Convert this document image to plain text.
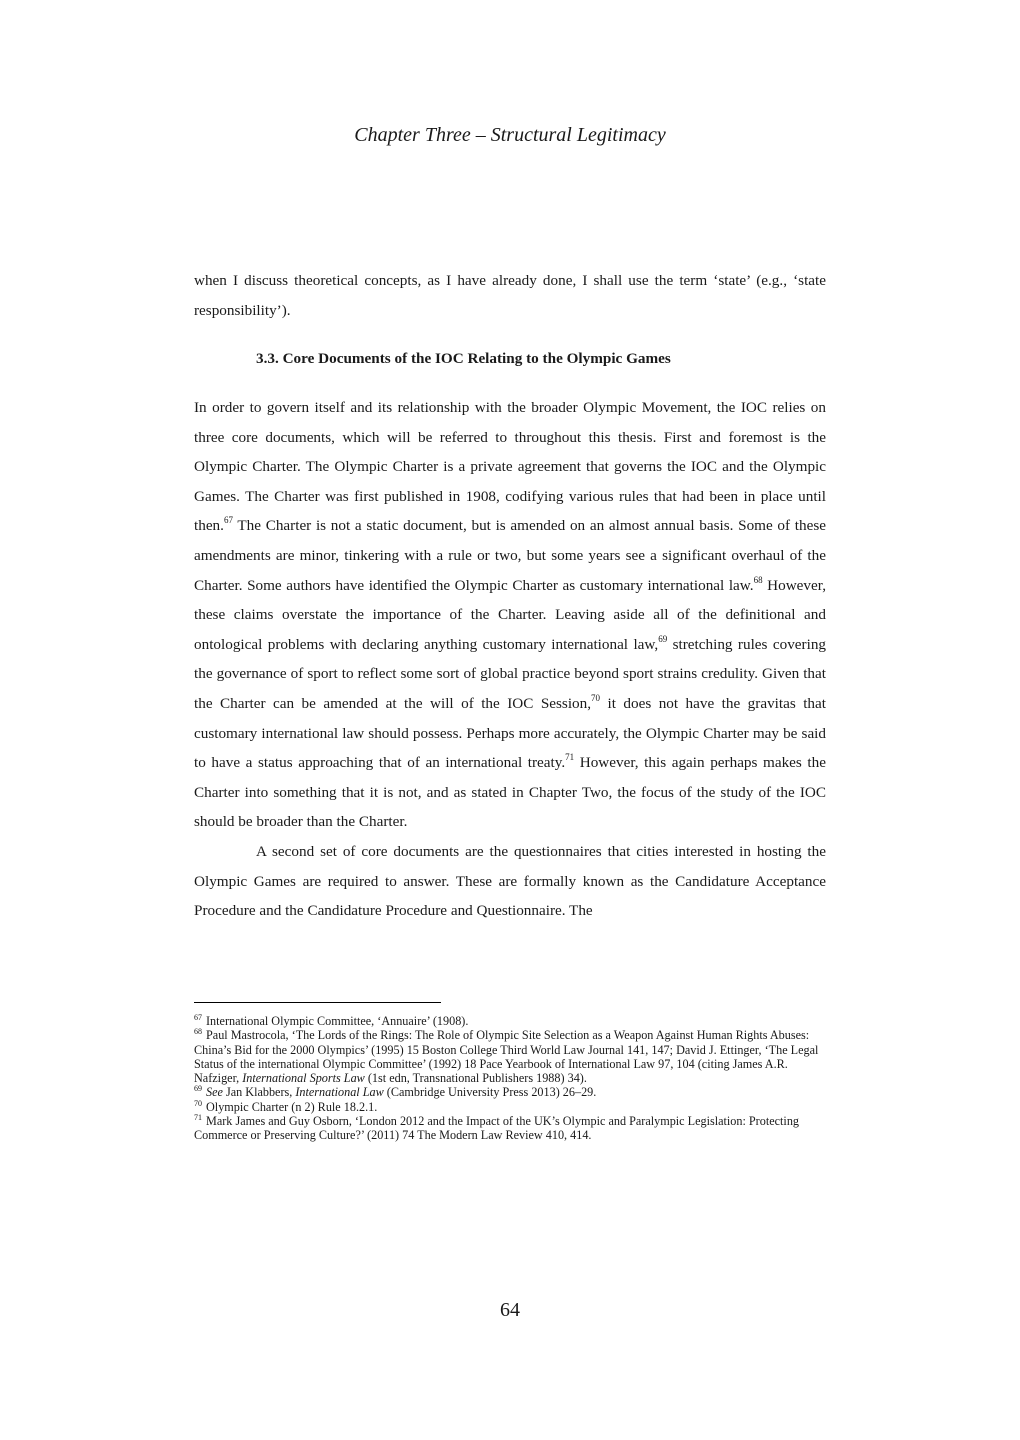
Chapter Three – Structural Legitimacy

when I discuss theoretical concepts, as I have already done, I shall use the term ‘state’ (e.g., ‘state responsibility’).

3.3. Core Documents of the IOC Relating to the Olympic Games

In order to govern itself and its relationship with the broader Olympic Movement, the IOC relies on three core documents, which will be referred to throughout this thesis. First and foremost is the Olympic Charter. The Olympic Charter is a private agreement that governs the IOC and the Olympic Games. The Charter was first published in 1908, codifying various rules that had been in place until then.$^{67}$ The Charter is not a static document, but is amended on an almost annual basis. Some of these amendments are minor, tinkering with a rule or two, but some years see a significant overhaul of the Charter. Some authors have identified the Olympic Charter as customary international law.$^{68}$ However, these claims overstate the importance of the Charter. Leaving aside all of the definitional and ontological problems with declaring anything customary international law,$^{69}$ stretching rules covering the governance of sport to reflect some sort of global practice beyond sport strains credulity. Given that the Charter can be amended at the will of the IOC Session,$^{70}$ it does not have the gravitas that customary international law should possess. Perhaps more accurately, the Olympic Charter may be said to have a status approaching that of an international treaty.$^{71}$ However, this again perhaps makes the Charter into something that it is not, and as stated in Chapter Two, the focus of the study of the IOC should be broader than the Charter.

A second set of core documents are the questionnaires that cities interested in hosting the Olympic Games are required to answer. These are formally known as the Candidature Acceptance Procedure and the Candidature Procedure and Questionnaire. The

$^{67}$ International Olympic Committee, ‘Annuaire’ (1908).
$^{68}$ Paul Mastrocola, ‘The Lords of the Rings: The Role of Olympic Site Selection as a Weapon Against Human Rights Abuses: China’s Bid for the 2000 Olympics’ (1995) 15 Boston College Third World Law Journal 141, 147; David J. Ettinger, ‘The Legal Status of the international Olympic Committee’ (1992) 18 Pace Yearbook of International Law 97, 104 (citing James A.R. Nafziger, International Sports Law (1st edn, Transnational Publishers 1988) 34).
$^{69}$ See Jan Klabbers, International Law (Cambridge University Press 2013) 26–29.
$^{70}$ Olympic Charter (n 2) Rule 18.2.1.
$^{71}$ Mark James and Guy Osborn, ‘London 2012 and the Impact of the UK’s Olympic and Paralympic Legislation: Protecting Commerce or Preserving Culture?’ (2011) 74 The Modern Law Review 410, 414.
64
